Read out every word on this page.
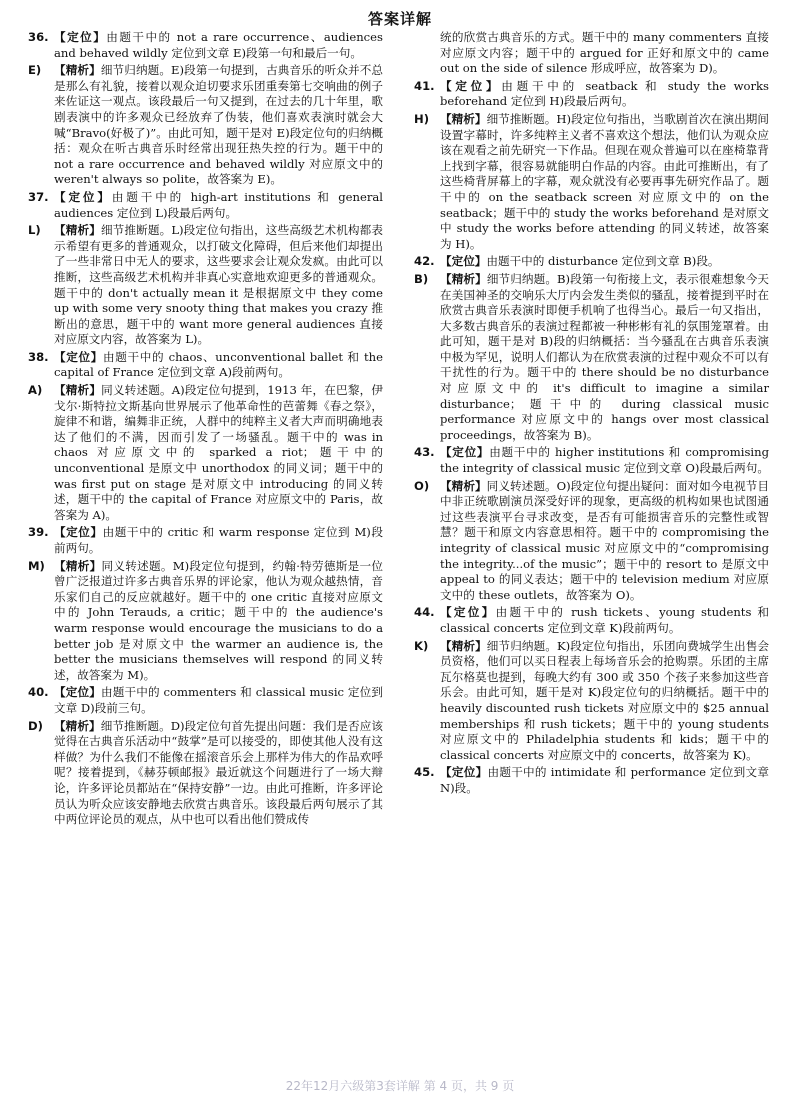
答案详解
36. 【定位】由题干中的 not a rare occurrence、audiences and behaved wildly 定位到文章 E)段第一句和最后一句。
E)	【精析】细节归纳题。E)段第一句提到，古典音乐的听众并不总是那么有礼貌，接着以观众迫切要求乐团重奏第七交响曲的例子来佐证这一观点。该段最后一句又提到，在过去的几十年里，歌剧表演中的许多观众已经放弃了伪装，他们喜欢表演时就会大喊“Bravo(好极了)”。由此可知，题干是对 E)段定位句的归纳概括：观众在听古典音乐时经常出现狂热失控的行为。题干中的 not a rare occurrence and behaved wildly 对应原文中的 weren't always so polite，故答案为 E)。
37. 【定位】由题干中的 high-art institutions 和 general audiences 定位到 L)段最后两句。
L)	【精析】细节推断题。L)段定位句指出，这些高级艺术机构都表示希望有更多的普通观众，以打破文化障碍，但后来他们却提出了一些非常日中无人的要求，这些要求会让观众发疯。由此可以推断，这些高级艺术机构并非真心实意地欢迎更多的普通观众。题干中的 don't actually mean it 是根据原文中 they come up with some very snooty thing that makes you crazy 推断出的意思，题干中的 want more general audiences 直接对应原文内容，故答案为 L)。
38. 【定位】由题干中的 chaos、unconventional ballet 和 the capital of France 定位到文章 A)段前两句。
A)	【精析】同义转述题。A)段定位句提到，1913 年，在巴黎，伊戈尔·斯特拉文斯基向世界展示了他革命性的芭蕾舞《春之祭》，旋律不和谐，编舞非正统，人群中的纯粹主义者大声而明确地表达了他们的不满，因而引发了一场骚乱。题干中的 was in chaos 对应原文中的 sparked a riot；题干中的 unconventional 是原文中 unorthodox 的同义词；题干中的 was first put on stage 是对原文中 introducing 的同义转述，题干中的 the capital of France 对应原文中的 Paris，故答案为 A)。
39. 【定位】由题干中的 critic 和 warm response 定位到 M)段前两句。
M) 【精析】同义转述题。M)段定位句提到，约翰·特劳德斯是一位曾广泛报道过许多古典音乐界的评论家，他认为观众越热情，音乐家们自己的反应就越好。题干中的 one critic 直接对应原文中的 John Terauds, a critic；题干中的 the audience's warm response would encourage the musicians to do a better job 是对原文中 the warmer an audience is, the better the musicians themselves will respond 的同义转述，故答案为 M)。
40. 【定位】由题干中的 commenters 和 classical music 定位到文章 D)段前三句。
D) 【精析】细节推断题。D)段定位句首先提出问题：我们是否应该觉得在古典音乐活动中“鼓掌”是可以接受的，即使其他人没有这样做？为什么我们不能像在摇滚音乐会上那样为伟大的作品欢呼呢？接着提到，《赫芬顿邮报》最近就这个问题进行了一场大辩论，许多评论员都站在“保持安静”一边。由此可推断，许多评论员认为听众应该安静地去欣赏古典音乐。该段最后两句展示了其中两位评论员的观点，从中也可以看出他们赞成传
统的欣赏古典音乐的方式。题干中的 many commenters 直接对应原文内容；题干中的 argued for 正好和原文中的 came out on the side of silence 形成呼应，故答案为 D)。
41. 【定位】由题干中的 seatback 和 study the works beforehand 定位到 H)段最后两句。
H) 【精析】细节推断题。H)段定位句指出，当歌剧首次在演出期间设置字幕时，许多纯粹主义者不喜欢这个想法，他们认为观众应该在观看之前先研究一下作品。但现在观众普遍可以在座椅靠背上找到字幕，很容易就能明白作品的内容。由此可推断出，有了这些椅背屏幕上的字幕，观众就没有必要再事先研究作品了。题干中的 on the seatback screen 对应原文中的 on the seatback；题干中的 study the works beforehand 是对原文中 study the works before attending 的同义转述，故答案为 H)。
42. 【定位】由题干中的 disturbance 定位到文章 B)段。
B)	【精析】细节归纳题。B)段第一句衔接上文，表示很难想象今天在美国神圣的交响乐大厅内会发生类似的骚乱，接着提到平时在欣赏古典音乐表演时即便手机响了也得当心。最后一句又指出，大多数古典音乐的表演过程都被一种彬彬有礼的氛围笼罩着。由此可知，题干是对 B)段的归纳概括：当今骚乱在古典音乐表演中极为罕见，说明人们都认为在欣赏表演的过程中观众不可以有干扰性的行为。题干中的 there should be no disturbance 对应原文中的 it's difficult to imagine a similar disturbance；题干中的 during classical music performance 对应原文中的 hangs over most classical proceedings，故答案为 B)。
43. 【定位】由题干中的 higher institutions 和 compromising the integrity of classical music 定位到文章 O)段最后两句。
O) 【精析】同义转述题。O)段定位句提出疑问：面对如今电视节目中非正统歌剧演员深受好评的现象，更高级的机构如果也试图通过这些表演平台寻求改变，是否有可能损害音乐的完整性或智慧？题干和原文内容意思相符。题干中的 compromising the integrity of classical music 对应原文中的“compromising the integrity...of the music”；题干中的 resort to 是原文中 appeal to 的同义表达；题干中的 television medium 对应原文中的 these outlets，故答案为 O)。
44. 【定位】由题干中的 rush tickets、young students 和 classical concerts 定位到文章 K)段前两句。
K)	【精析】细节归纳题。K)段定位句指出，乐团向费城学生出售会员资格，他们可以买日程表上每场音乐会的抢购票。乐团的主席瓦尔格莫也提到，每晚大约有 300 或 350 个孩子来参加这些音乐会。由此可知，题干是对 K)段定位句的归纳概括。题干中的 heavily discounted rush tickets 对应原文中的 $25 annual memberships 和 rush tickets；题干中的 young students 对应原文中的 Philadelphia students 和 kids；题干中的 classical concerts 对应原文中的 concerts，故答案为 K)。
45. 【定位】由题干中的 intimidate 和 performance 定位到文章 N)段。
22年12月六级第3套详解 第 4 页，共 9 页
